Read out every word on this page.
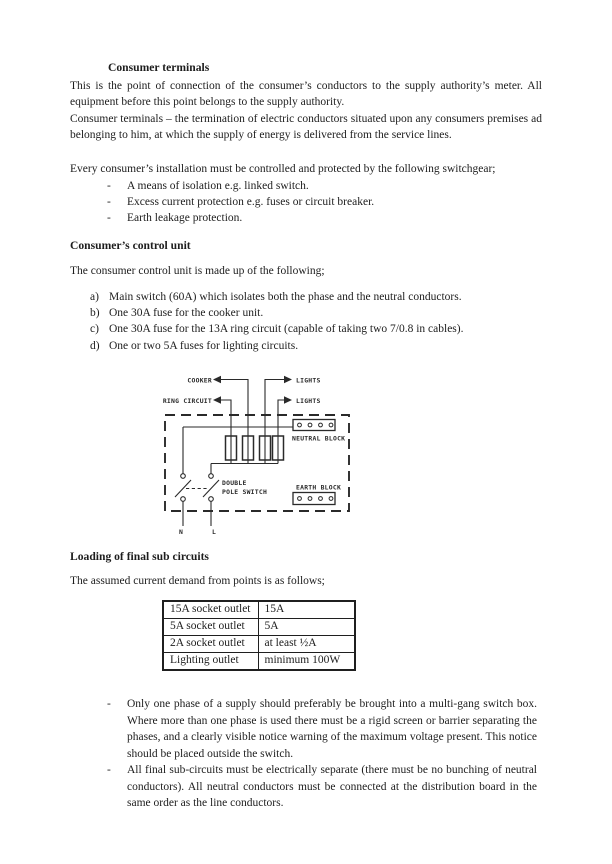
Consumer terminals

This is the point of connection of the consumer’s conductors to the supply authority’s meter. All equipment before this point belongs to the supply authority.

Consumer terminals – the termination of electric conductors situated upon any consumers premises ad belonging to him, at which the supply of energy is delivered from the service lines.

Every consumer’s installation must be controlled and protected by the following switchgear;

-	A means of isolation e.g. linked switch.
-	Excess current protection e.g. fuses or circuit breaker.
-	Earth leakage protection.
Consumer’s control unit

The consumer control unit is made up of the following;

a) Main switch (60A) which isolates both the phase and the neutral conductors.
b) One 30A fuse for the cooker unit.
c) One 30A fuse for the 13A ring circuit (capable of taking two 7/0.8 in cables).
d) One or two 5A fuses for lighting circuits.
COOKER	LIGHTS
RING CIRCUIT	LIGHTS
DOUBLE
POLE SWITCH
NEUTRAL BLOCK
EARTH BLOCK
N	L
Loading of final sub circuits

The assumed current demand from points is as follows;

15A socket outlet	15A
5A socket outlet	5A
2A socket outlet	at least ½A
Lighting outlet	minimum 100W
-	Only one phase of a supply should preferably be brought into a multi-gang switch box. Where more than one phase is used there must be a rigid screen or barrier separating the phases, and a clearly visible notice warning of the maximum voltage present. This notice should be placed outside the switch.
-	All final sub-circuits must be electrically separate (there must be no bunching of neutral conductors). All neutral conductors must be connected at the distribution board in the same order as the line conductors.
